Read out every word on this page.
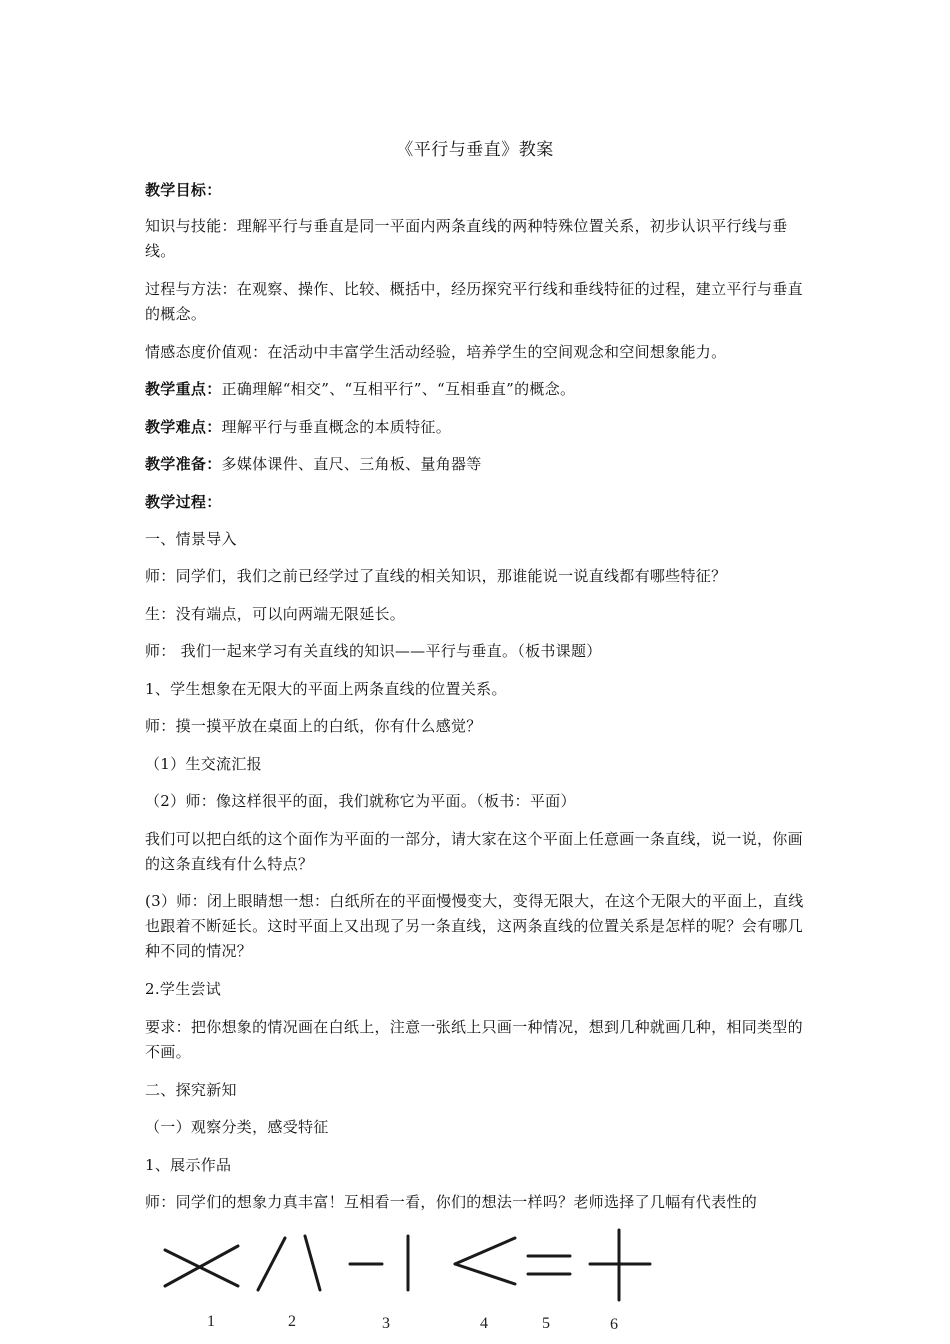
《平行与垂直》教案
教学目标：
知识与技能：理解平行与垂直是同一平面内两条直线的两种特殊位置关系，初步认识平行线与垂线。
过程与方法：在观察、操作、比较、概括中，经历探究平行线和垂线特征的过程，建立平行与垂直的概念。
情感态度价值观：在活动中丰富学生活动经验，培养学生的空间观念和空间想象能力。
教学重点：正确理解“相交”、“互相平行”、“互相垂直”的概念。
教学难点：理解平行与垂直概念的本质特征。
教学准备：多媒体课件、直尺、三角板、量角器等
教学过程：
一、情景导入
师：同学们，我们之前已经学过了直线的相关知识，那谁能说一说直线都有哪些特征？
生：没有端点，可以向两端无限延长。
师： 我们一起来学习有关直线的知识——平行与垂直。（板书课题）
1、学生想象在无限大的平面上两条直线的位置关系。
师：摸一摸平放在桌面上的白纸，你有什么感觉？
（1）生交流汇报
（2）师：像这样很平的面，我们就称它为平面。（板书：平面）
我们可以把白纸的这个面作为平面的一部分，请大家在这个平面上任意画一条直线，说一说，你画的这条直线有什么特点？
(3）师：闭上眼睛想一想：白纸所在的平面慢慢变大，变得无限大，在这个无限大的平面上，直线也跟着不断延长。这时平面上又出现了另一条直线，这两条直线的位置关系是怎样的呢？会有哪几种不同的情况？
2.学生尝试
要求：把你想象的情况画在白纸上，注意一张纸上只画一种情况，想到几种就画几种，相同类型的不画。
二、探究新知
（一）观察分类，感受特征
1、展示作品
师：同学们的想象力真丰富！互相看一看，你们的想法一样吗？老师选择了几幅有代表性的
1	2	3	4	5	6
